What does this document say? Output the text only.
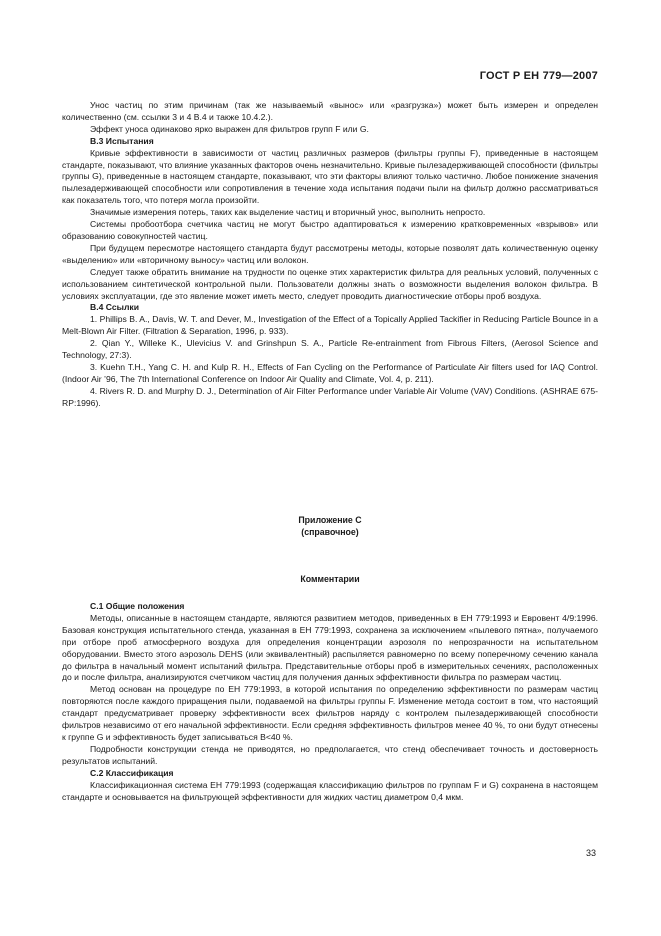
ГОСТ Р ЕН 779—2007

Унос частиц по этим причинам (так же называемый «вынос» или «разгрузка») может быть измерен и определен количественно (см. ссылки 3 и 4 В.4 и также 10.4.2.).

Эффект уноса одинаково ярко выражен для фильтров групп F или G.

В.3 Испытания

Кривые эффективности в зависимости от частиц различных размеров (фильтры группы F), приведенные в настоящем стандарте, показывают, что влияние указанных факторов очень незначительно. Кривые пылезадерживающей способности (фильтры группы G), приведенные в настоящем стандарте, показывают, что эти факторы влияют только частично. Любое понижение значения пылезадерживающей способности или сопротивления в течение хода испытания подачи пыли на фильтр должно рассматриваться как показатель того, что потеря могла произойти.

Значимые измерения потерь, таких как выделение частиц и вторичный унос, выполнить непросто.

Системы пробоотбора счетчика частиц не могут быстро адаптироваться к измерению кратковременных «взрывов» или образованию совокупностей частиц.

При будущем пересмотре настоящего стандарта будут рассмотрены методы, которые позволят дать количественную оценку «выделению» или «вторичному выносу» частиц или волокон.

Следует также обратить внимание на трудности по оценке этих характеристик фильтра для реальных условий, полученных с использованием синтетической контрольной пыли. Пользователи должны знать о возможности выделения волокон фильтра. В условиях эксплуатации, где это явление может иметь место, следует проводить диагностические отборы проб воздуха.

В.4 Ссылки

1. Phillips B. A., Davis, W. T. and Dever, M., Investigation of the Effect of a Topically Applied Tackifier in Reducing Particle Bounce in a Melt-Blown Air Filter. (Filtration & Separation, 1996, p. 933).

2. Qian Y., Willeke K., Ulevicius V. and Grinshpun S. A., Particle Re-entrainment from Fibrous Filters, (Aerosol Science and Technology, 27:3).

3. Kuehn T.H., Yang C. H. and Kulp R. H., Effects of Fan Cycling on the Performance of Particulate Air filters used for IAQ Control. (Indoor Air ’96, The 7th International Conference on Indoor Air Quality and Climate, Vol. 4, p. 211).

4. Rivers R. D. and Murphy D. J., Determination of Air Filter Performance under Variable Air Volume (VAV) Conditions. (ASHRAE 675-RP:1996).

Приложение С
(справочное)
Комментарии

С.1 Общие положения

Методы, описанные в настоящем стандарте, являются развитием методов, приведенных в ЕН 779:1993 и Евровент 4/9:1996. Базовая конструкция испытательного стенда, указанная в ЕН 779:1993, сохранена за исключением «пылевого пятна», получаемого при отборе проб атмосферного воздуха для определения концентрации аэрозоля по непрозрачности на испытательном оборудовании. Вместо этого аэрозоль DEHS (или эквивалентный) распыляется равномерно по всему поперечному сечению канала до фильтра в начальный момент испытаний фильтра. Представительные отборы проб в измерительных сечениях, расположенных до и после фильтра, анализируются счетчиком частиц для получения данных эффективности фильтра по размерам частиц.

Метод основан на процедуре по ЕН 779:1993, в которой испытания по определению эффективности по размерам частиц повторяются после каждого приращения пыли, подаваемой на фильтры группы F. Изменение метода состоит в том, что настоящий стандарт предусматривает проверку эффективности всех фильтров наряду с контролем пылезадерживающей способности фильтров независимо от его начальной эффективности. Если средняя эффективность фильтров менее 40 %, то они будут отнесены к группе G и эффективность будет записываться В<40 %.

Подробности конструкции стенда не приводятся, но предполагается, что стенд обеспечивает точность и достоверность результатов испытаний.

С.2 Классификация

Классификационная система ЕН 779:1993 (содержащая классификацию фильтров по группам F и G) сохранена в настоящем стандарте и основывается на фильтрующей эффективности для жидких частиц диаметром 0,4 мкм.

33
